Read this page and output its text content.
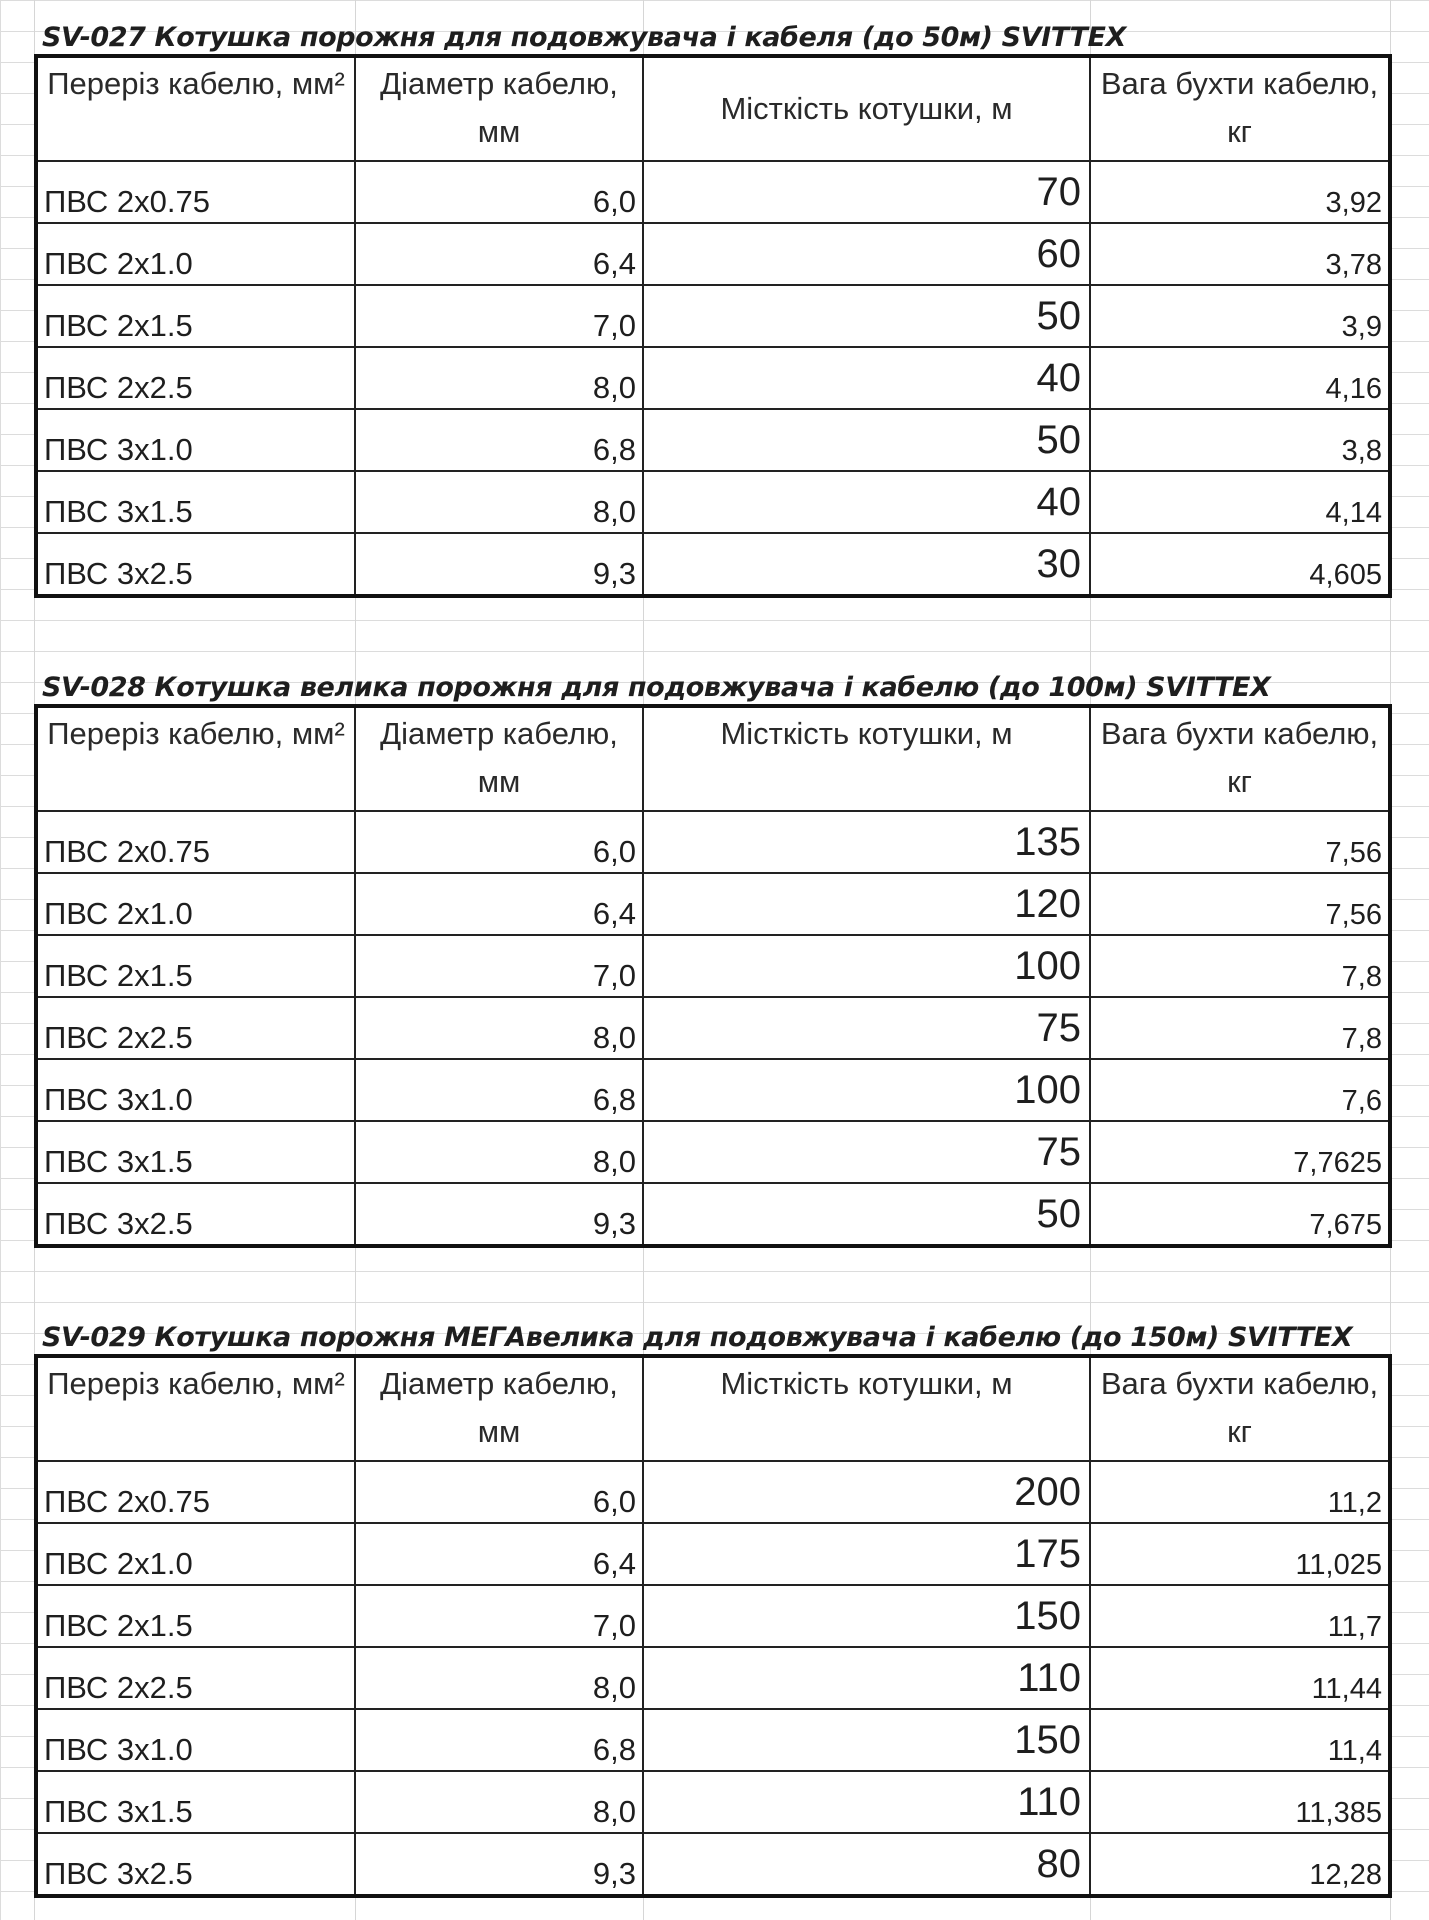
SV-027 Котушка порожня для подовжувача і кабеля (до 50м) SVITTEX
Переріз кабелю, мм²	Діаметр кабелю, мм	Місткість котушки, м	Вага бухти кабелю, кг
ПВС 2x0.75	6,0	70	3,92
ПВС 2x1.0	6,4	60	3,78
ПВС 2x1.5	7,0	50	3,9
ПВС 2x2.5	8,0	40	4,16
ПВС 3x1.0	6,8	50	3,8
ПВС 3x1.5	8,0	40	4,14
ПВС 3x2.5	9,3	30	4,605
SV-028 Котушка велика порожня для подовжувача і кабелю (до 100м) SVITTEX
Переріз кабелю, мм²	Діаметр кабелю, мм	Місткість котушки, м	Вага бухти кабелю, кг
ПВС 2x0.75	6,0	135	7,56
ПВС 2x1.0	6,4	120	7,56
ПВС 2x1.5	7,0	100	7,8
ПВС 2x2.5	8,0	75	7,8
ПВС 3x1.0	6,8	100	7,6
ПВС 3x1.5	8,0	75	7,7625
ПВС 3x2.5	9,3	50	7,675
SV-029 Котушка порожня МЕГАвелика для подовжувача і кабелю (до 150м) SVITTEX
Переріз кабелю, мм²	Діаметр кабелю, мм	Місткість котушки, м	Вага бухти кабелю, кг
ПВС 2x0.75	6,0	200	11,2
ПВС 2x1.0	6,4	175	11,025
ПВС 2x1.5	7,0	150	11,7
ПВС 2x2.5	8,0	110	11,44
ПВС 3x1.0	6,8	150	11,4
ПВС 3x1.5	8,0	110	11,385
ПВС 3x2.5	9,3	80	12,28
